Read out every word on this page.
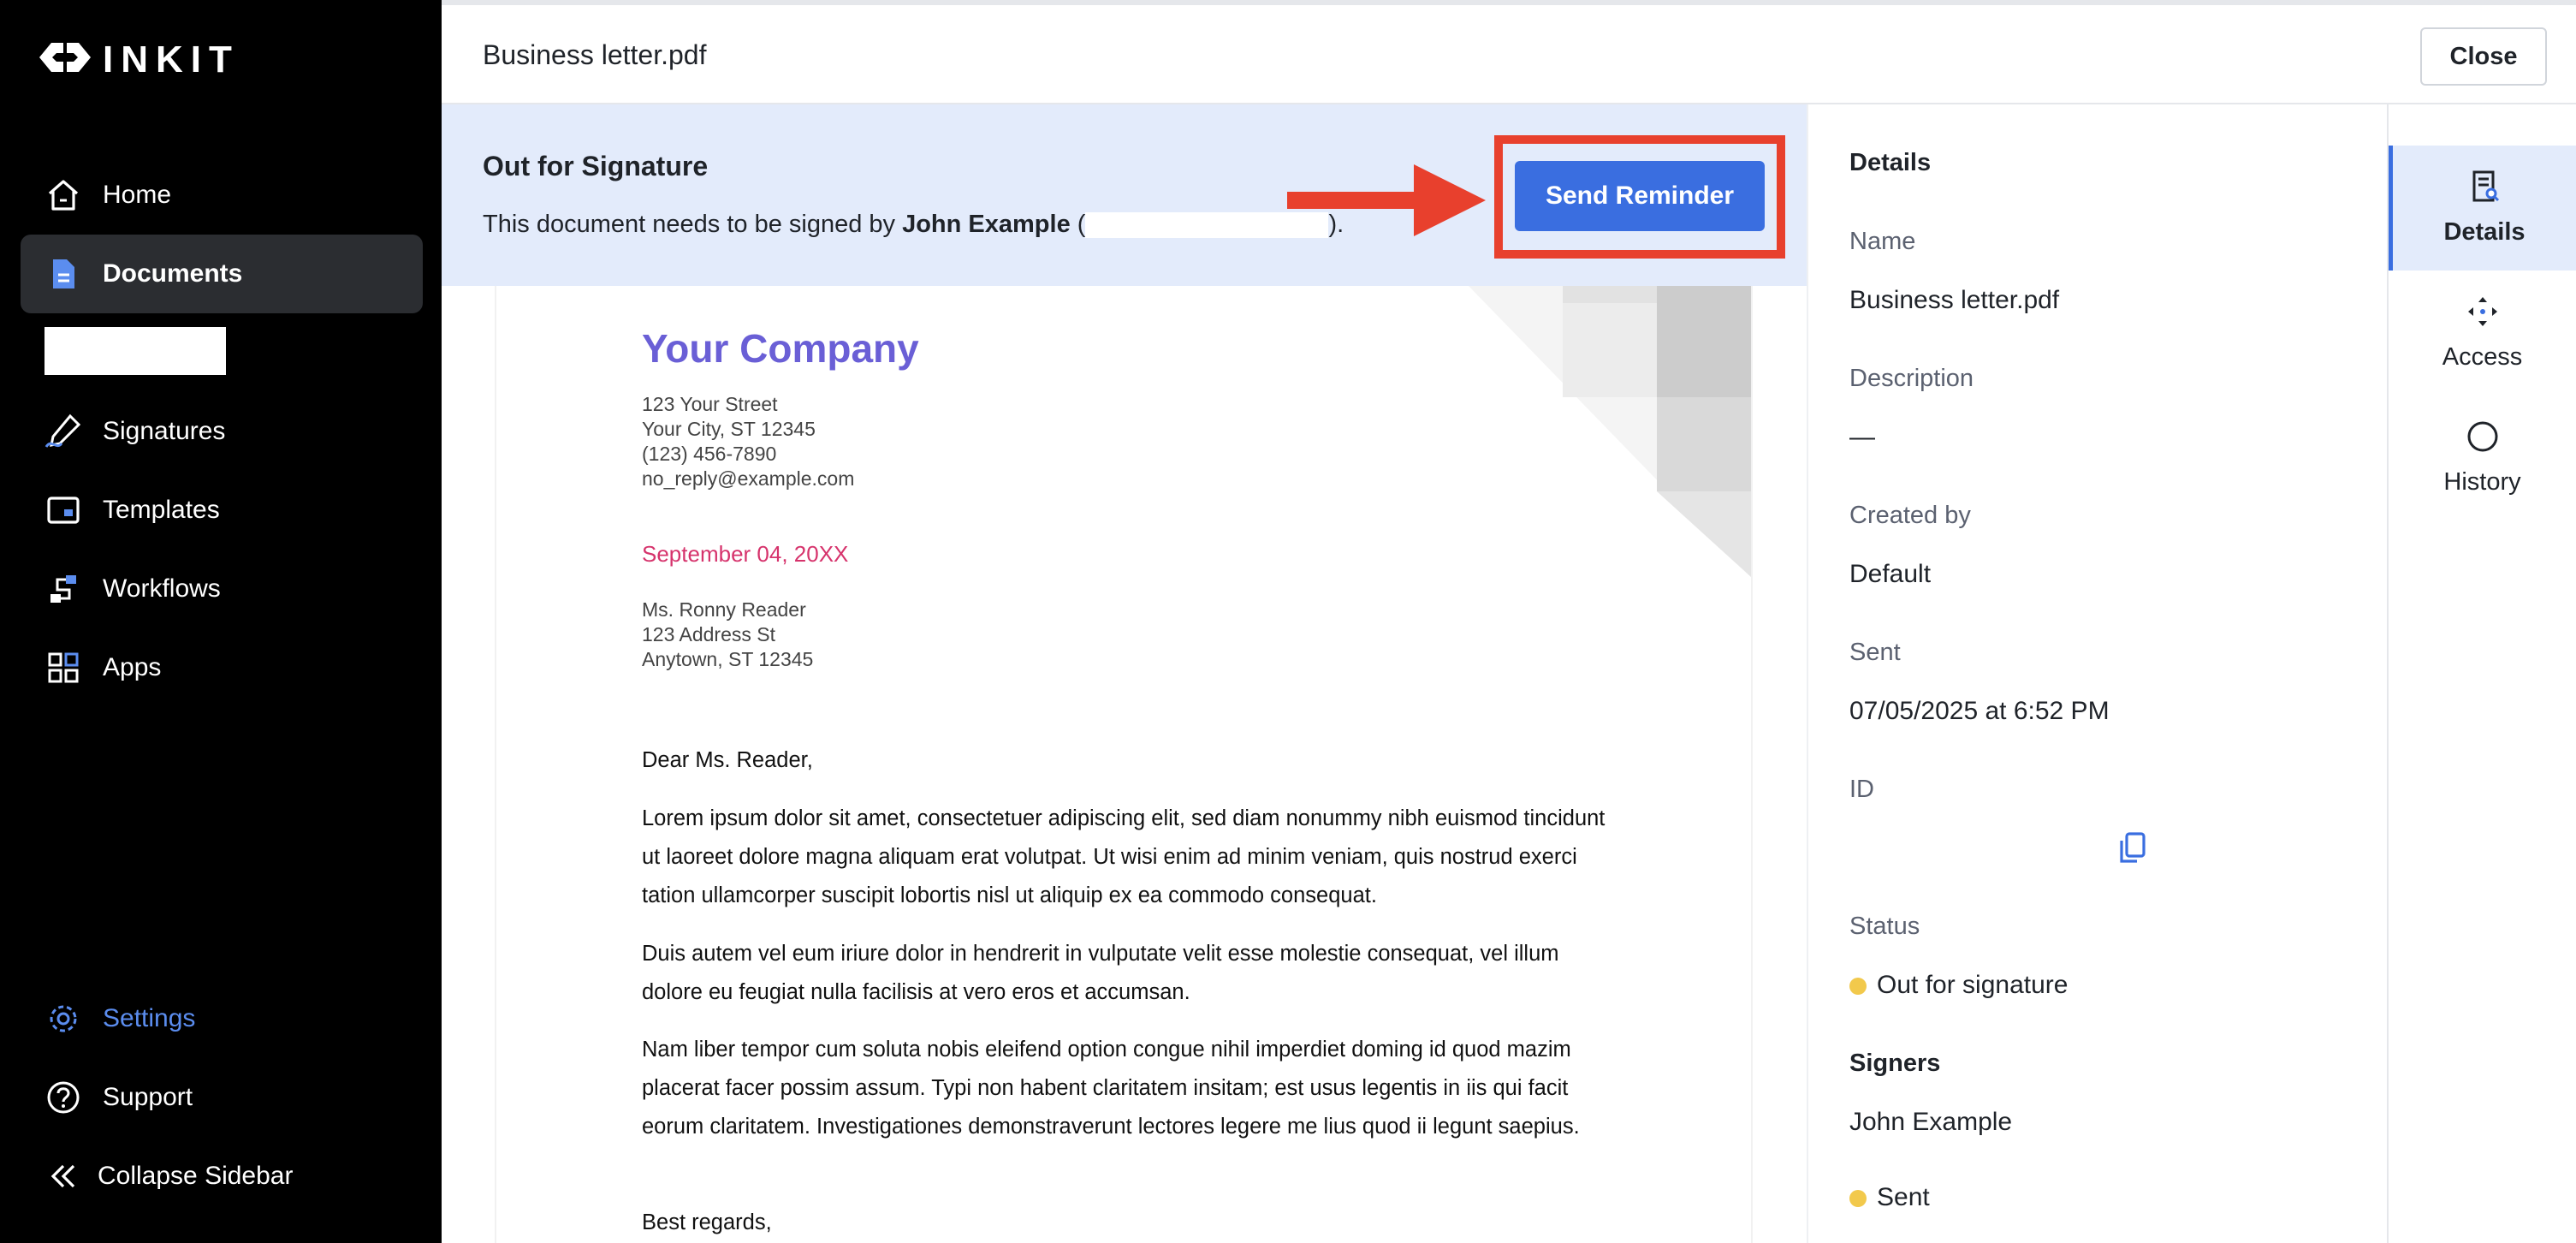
INKIT
Home
Documents
Signatures
Templates
Workflows
Apps
Settings
Support
Collapse Sidebar
Business letter.pdf	Close
Out for Signature
This document needs to be signed by John Example (	).
Send Reminder
Your Company
123 Your Street
Your City, ST 12345
(123) 456-7890
no_reply@example.com
September 04, 20XX
Ms. Ronny Reader
123 Address St
Anytown, ST 12345
Dear Ms. Reader,
Lorem ipsum dolor sit amet, consectetuer adipiscing elit, sed diam nonummy nibh euismod tincidunt ut laoreet dolore magna aliquam erat volutpat. Ut wisi enim ad minim veniam, quis nostrud exerci tation ullamcorper suscipit lobortis nisl ut aliquip ex ea commodo consequat.
Duis autem vel eum iriure dolor in hendrerit in vulputate velit esse molestie consequat, vel illum dolore eu feugiat nulla facilisis at vero eros et accumsan.
Nam liber tempor cum soluta nobis eleifend option congue nihil imperdiet doming id quod mazim placerat facer possim assum. Typi non habent claritatem insitam; est usus legentis in iis qui facit eorum claritatem. Investigationes demonstraverunt lectores legere me lius quod ii legunt saepius.
Best regards,
Details
Name
Business letter.pdf
Description
—
Created by
Default
Sent
07/05/2025 at 6:52 PM
ID
Status
Out for signature
Signers
John Example
Sent
Details
Access
History
